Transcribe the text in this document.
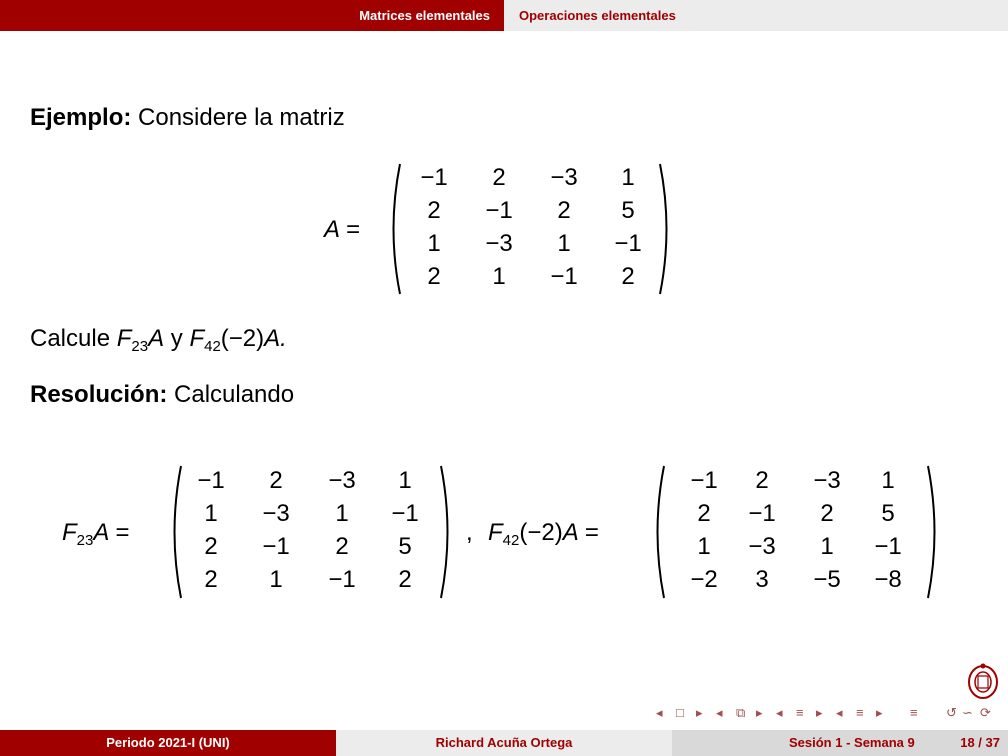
Matrices elementales	Operaciones elementales
Ejemplo: Considere la matriz
A =
−1	2	−3	1
2	−1	2	5
1	−3	1	−1
2	1	−1	2
Calcule $F_{23}A$ y $F_{42}(-2)A$.
Resolución: Calculando
$F_{23}A$ =
−1	2	−3	1
1	−3	1	−1
2	−1	2	5
2	1	−1	2
, $F_{42}(-2)A$ =
−1	2	−3	1
2	−1	2	5
1	−3	1	−1
−2	3	−5	−8
◂ □ ▸ ◂ ⧉ ▸ ◂ ≡ ▸ ◂ ≡ ▸ ≡ ↺ ∽ ⟳
Periodo 2021-I (UNI)	Richard Acuña Ortega	Sesión 1 - Semana 9	18 / 37
